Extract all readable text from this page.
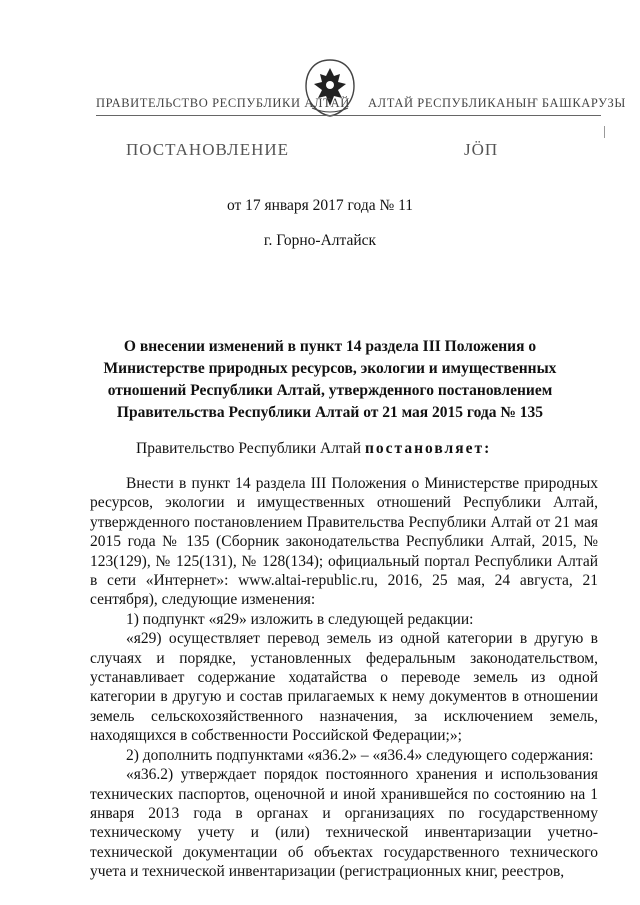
ПРАВИТЕЛЬСТВО РЕСПУБЛИКИ АЛТАЙ АЛТАЙ РЕСПУБЛИКАНЫҤ БАШКАРУЗЫ
ПОСТАНОВЛЕНИЕ	ЈӦП
от 17 января 2017 года № 11
г. Горно-Алтайск

О внесении изменений в пункт 14 раздела III Положения о Министерстве природных ресурсов, экологии и имущественных отношений Республики Алтай, утвержденного постановлением Правительства Республики Алтай от 21 мая 2015 года № 135

Правительство Республики Алтай постановляет:

Внести в пункт 14 раздела III Положения о Министерстве природных ресурсов, экологии и имущественных отношений Республики Алтай, утвержденного постановлением Правительства Республики Алтай от 21 мая 2015 года № 135 (Сборник законодательства Республики Алтай, 2015, № 123(129), № 125(131), № 128(134); официальный портал Республики Алтай в сети «Интернет»: www.altai-republic.ru, 2016, 25 мая, 24 августа, 21 сентября), следующие изменения:

1) подпункт «я29» изложить в следующей редакции:

«я29) осуществляет перевод земель из одной категории в другую в случаях и порядке, установленных федеральным законодательством, устанавливает содержание ходатайства о переводе земель из одной категории в другую и состав прилагаемых к нему документов в отношении земель сельскохозяйственного назначения, за исключением земель, находящихся в собственности Российской Федерации;»;

2) дополнить подпунктами «я36.2» – «я36.4» следующего содержания:

«я36.2) утверждает порядок постоянного хранения и использования технических паспортов, оценочной и иной хранившейся по состоянию на 1 января 2013 года в органах и организациях по государственному техническому учету и (или) технической инвентаризации учетно-технической документации об объектах государственного технического учета и технической инвентаризации (регистрационных книг, реестров,
